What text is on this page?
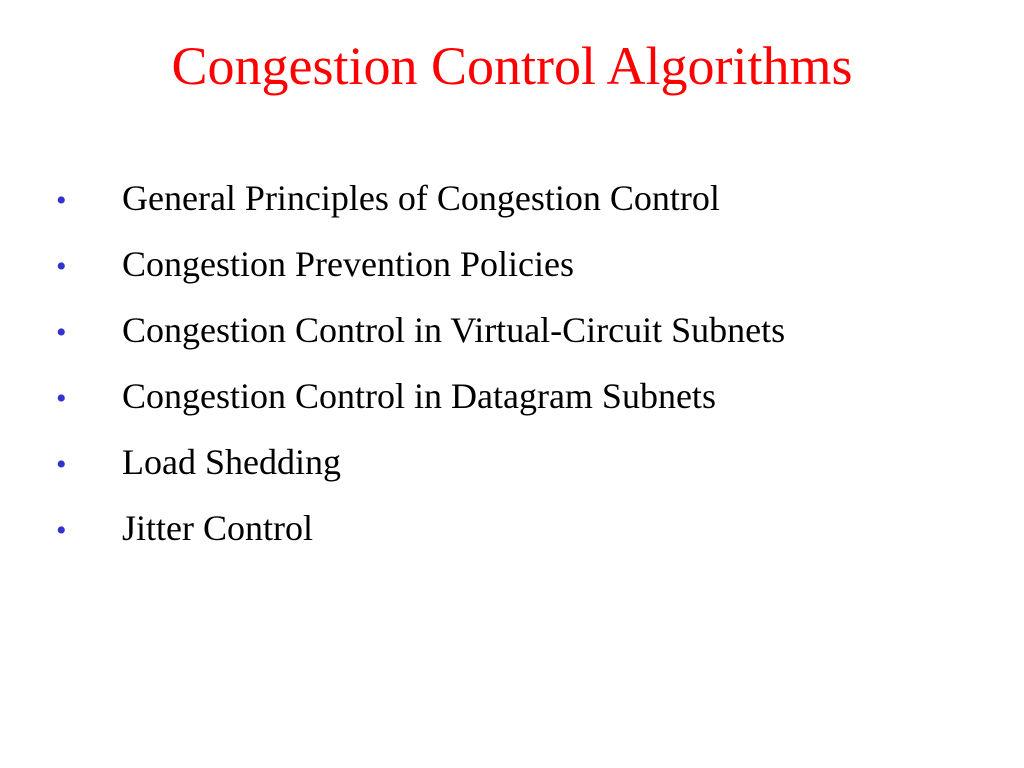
Congestion Control Algorithms
•	General Principles of Congestion Control
•	Congestion Prevention Policies
•	Congestion Control in Virtual-Circuit Subnets
•	Congestion Control in Datagram Subnets
•	Load Shedding
•	Jitter Control
